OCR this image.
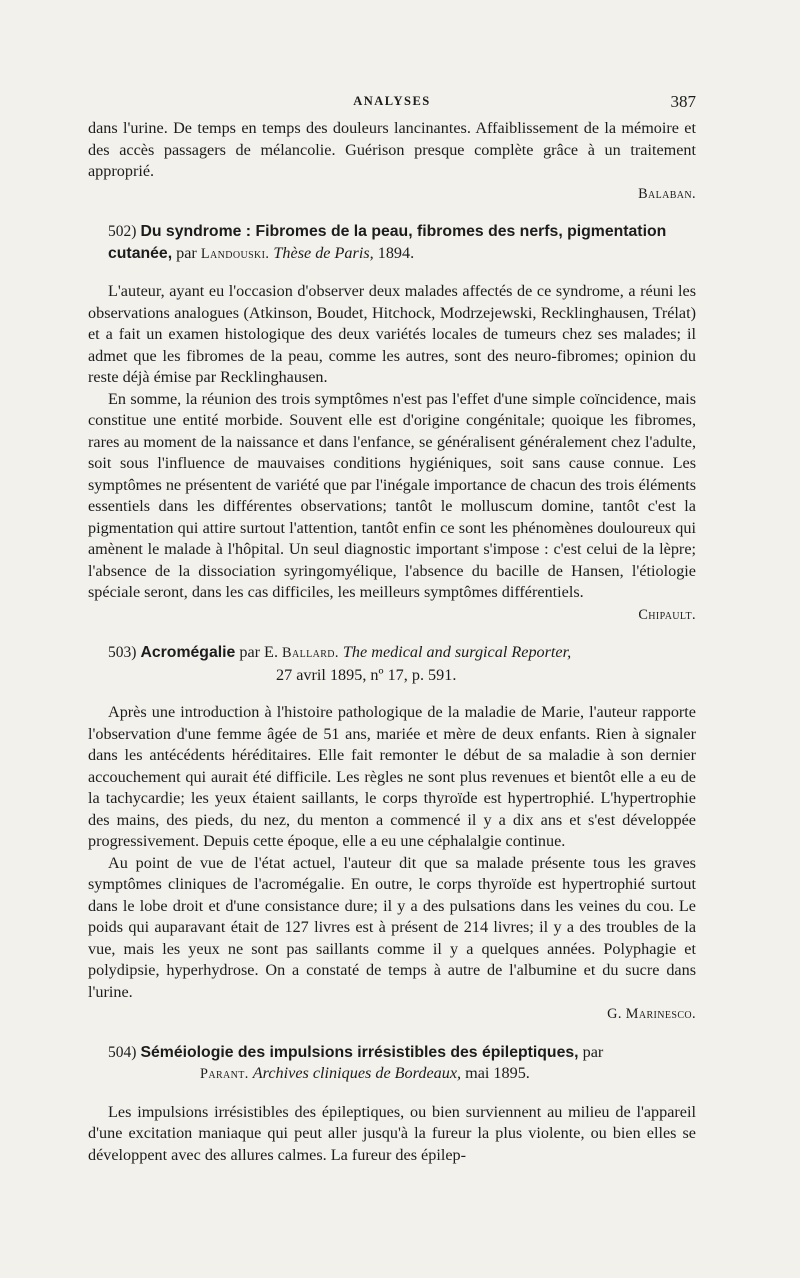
ANALYSES	387

dans l'urine. De temps en temps des douleurs lancinantes. Affaiblissement de la mémoire et des accès passagers de mélancolie. Guérison presque complète grâce à un traitement approprié.

Balaban.

502) Du syndrome : Fibromes de la peau, fibromes des nerfs, pigmentation cutanée, par Landouski. Thèse de Paris, 1894.

L'auteur, ayant eu l'occasion d'observer deux malades affectés de ce syndrome, a réuni les observations analogues (Atkinson, Boudet, Hitchock, Modrzejewski, Recklinghausen, Trélat) et a fait un examen histologique des deux variétés locales de tumeurs chez ses malades; il admet que les fibromes de la peau, comme les autres, sont des neuro-fibromes; opinion du reste déjà émise par Recklinghausen.

En somme, la réunion des trois symptômes n'est pas l'effet d'une simple coïncidence, mais constitue une entité morbide. Souvent elle est d'origine congénitale; quoique les fibromes, rares au moment de la naissance et dans l'enfance, se généralisent généralement chez l'adulte, soit sous l'influence de mauvaises conditions hygiéniques, soit sans cause connue. Les symptômes ne présentent de variété que par l'inégale importance de chacun des trois éléments essentiels dans les différentes observations; tantôt le molluscum domine, tantôt c'est la pigmentation qui attire surtout l'attention, tantôt enfin ce sont les phénomènes douloureux qui amènent le malade à l'hôpital. Un seul diagnostic important s'impose : c'est celui de la lèpre; l'absence de la dissociation syringomyélique, l'absence du bacille de Hansen, l'étiologie spéciale seront, dans les cas difficiles, les meilleurs symptômes différentiels.

Chipault.

503) Acromégalie par E. Ballard. The medical and surgical Reporter,
27 avril 1895, nº 17, p. 591.

Après une introduction à l'histoire pathologique de la maladie de Marie, l'auteur rapporte l'observation d'une femme âgée de 51 ans, mariée et mère de deux enfants. Rien à signaler dans les antécédents héréditaires. Elle fait remonter le début de sa maladie à son dernier accouchement qui aurait été difficile. Les règles ne sont plus revenues et bientôt elle a eu de la tachycardie; les yeux étaient saillants, le corps thyroïde est hypertrophié. L'hypertrophie des mains, des pieds, du nez, du menton a commencé il y a dix ans et s'est développée progressivement. Depuis cette époque, elle a eu une céphalalgie continue.

Au point de vue de l'état actuel, l'auteur dit que sa malade présente tous les graves symptômes cliniques de l'acromégalie. En outre, le corps thyroïde est hypertrophié surtout dans le lobe droit et d'une consistance dure; il y a des pulsations dans les veines du cou. Le poids qui auparavant était de 127 livres est à présent de 214 livres; il y a des troubles de la vue, mais les yeux ne sont pas saillants comme il y a quelques années. Polyphagie et polydipsie, hyperhydrose. On a constaté de temps à autre de l'albumine et du sucre dans l'urine.

G. Marinesco.

504) Séméiologie des impulsions irrésistibles des épileptiques, par
Parant. Archives cliniques de Bordeaux, mai 1895.

Les impulsions irrésistibles des épileptiques, ou bien surviennent au milieu de l'appareil d'une excitation maniaque qui peut aller jusqu'à la fureur la plus violente, ou bien elles se développent avec des allures calmes. La fureur des épilep-
